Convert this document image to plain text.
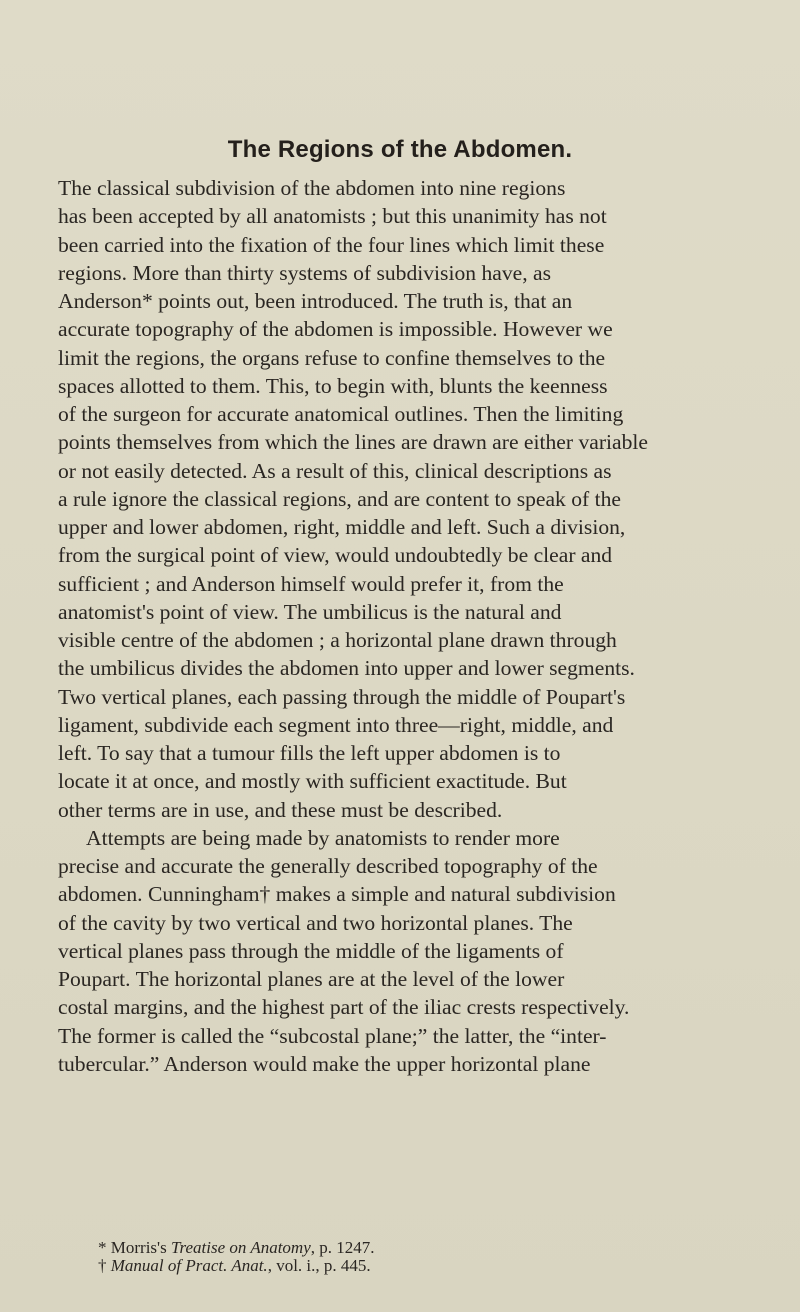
The Regions of the Abdomen.
The classical subdivision of the abdomen into nine regions
has been accepted by all anatomists ; but this unanimity has not
been carried into the fixation of the four lines which limit these
regions. More than thirty systems of subdivision have, as
Anderson* points out, been introduced. The truth is, that an
accurate topography of the abdomen is impossible. However we
limit the regions, the organs refuse to confine themselves to the
spaces allotted to them. This, to begin with, blunts the keenness
of the surgeon for accurate anatomical outlines. Then the limiting
points themselves from which the lines are drawn are either variable
or not easily detected. As a result of this, clinical descriptions as
a rule ignore the classical regions, and are content to speak of the
upper and lower abdomen, right, middle and left. Such a division,
from the surgical point of view, would undoubtedly be clear and
sufficient ; and Anderson himself would prefer it, from the
anatomist's point of view. The umbilicus is the natural and
visible centre of the abdomen ; a horizontal plane drawn through
the umbilicus divides the abdomen into upper and lower segments.
Two vertical planes, each passing through the middle of Poupart's
ligament, subdivide each segment into three—right, middle, and
left. To say that a tumour fills the left upper abdomen is to
locate it at once, and mostly with sufficient exactitude. But
other terms are in use, and these must be described.
Attempts are being made by anatomists to render more
precise and accurate the generally described topography of the
abdomen. Cunningham† makes a simple and natural subdivision
of the cavity by two vertical and two horizontal planes. The
vertical planes pass through the middle of the ligaments of
Poupart. The horizontal planes are at the level of the lower
costal margins, and the highest part of the iliac crests respectively.
The former is called the “subcostal plane;” the latter, the “inter-
tubercular.” Anderson would make the upper horizontal plane
* Morris's Treatise on Anatomy, p. 1247.
† Manual of Pract. Anat., vol. i., p. 445.
